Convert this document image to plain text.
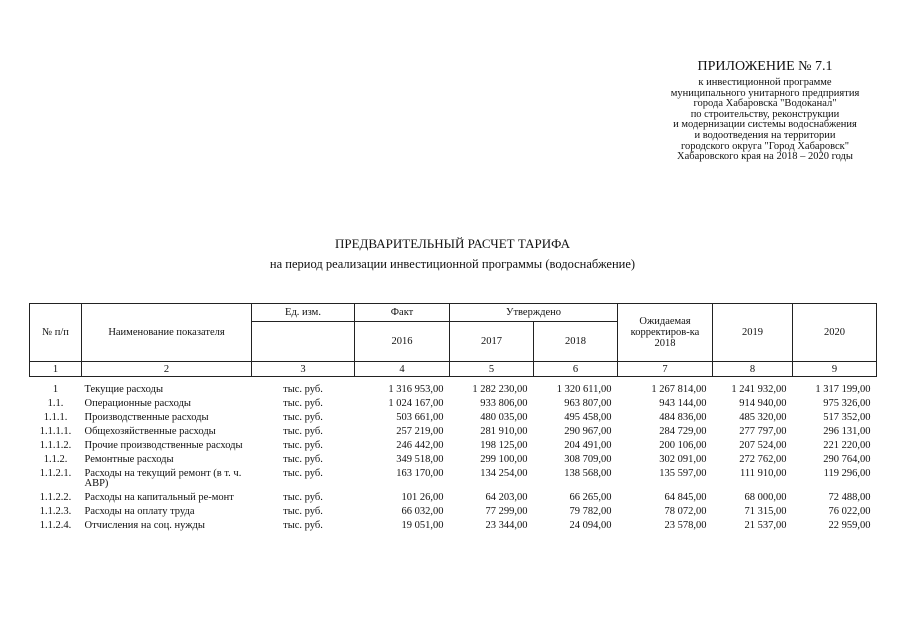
ПРИЛОЖЕНИЕ № 7.1
к инвестиционной программе
муниципального унитарного предприятия
города Хабаровска "Водоканал"
по строительству, реконструкции
и модернизации системы водоснабжения
и водоотведения на территории
городского округа "Город Хабаровск"
Хабаровского края на 2018 – 2020 годы
ПРЕДВАРИТЕЛЬНЫЙ РАСЧЕТ ТАРИФА
на период реализации инвестиционной программы (водоснабжение)
№ п/п	Наименование показателя	Ед. изм.	Факт	Утверждено		Ожидаемая корректиров-ка 2018	2019	2020
			2016	2017	2018			
1	2	3	4	5	6	7	8	9
1	Текущие расходы	тыс. руб.	1 316 953,00	1 282 230,00	1 320 611,00	1 267 814,00	1 241 932,00	1 317 199,00
1.1.	Операционные расходы	тыс. руб.	1 024 167,00	933 806,00	963 807,00	943 144,00	914 940,00	975 326,00
1.1.1.	Производственные расходы	тыс. руб.	503 661,00	480 035,00	495 458,00	484 836,00	485 320,00	517 352,00
1.1.1.1.	Общехозяйственные расходы	тыс. руб.	257 219,00	281 910,00	290 967,00	284 729,00	277 797,00	296 131,00
1.1.1.2.	Прочие производственные расходы	тыс. руб.	246 442,00	198 125,00	204 491,00	200 106,00	207 524,00	221 220,00
1.1.2.	Ремонтные расходы	тыс. руб.	349 518,00	299 100,00	308 709,00	302 091,00	272 762,00	290 764,00
1.1.2.1.	Расходы на текущий ремонт (в т. ч. АВР)	тыс. руб.	163 170,00	134 254,00	138 568,00	135 597,00	111 910,00	119 296,00
1.1.2.2.	Расходы на капитальный ре-монт	тыс. руб.	101 26,00	64 203,00	66 265,00	64 845,00	68 000,00	72 488,00
1.1.2.3.	Расходы на оплату труда	тыс. руб.	66 032,00	77 299,00	79 782,00	78 072,00	71 315,00	76 022,00
1.1.2.4.	Отчисления на соц. нужды	тыс. руб.	19 051,00	23 344,00	24 094,00	23 578,00	21 537,00	22 959,00
